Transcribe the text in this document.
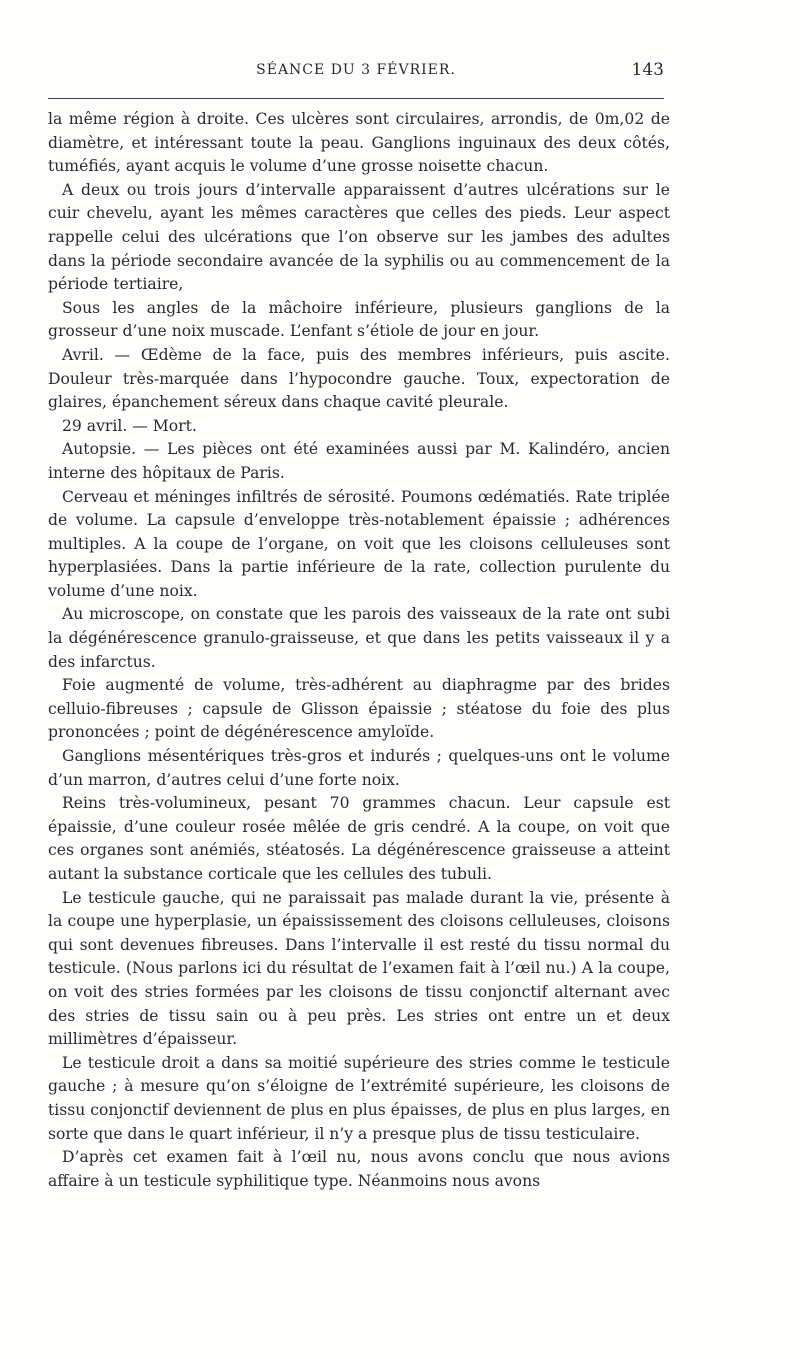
SÉANCE DU 3 FÉVRIER.	143

la même région à droite. Ces ulcères sont circulaires, arrondis, de 0m,02 de diamètre, et intéressant toute la peau. Ganglions inguinaux des deux côtés, tuméfiés, ayant acquis le volume d’une grosse noisette chacun.

A deux ou trois jours d’intervalle apparaissent d’autres ulcérations sur le cuir chevelu, ayant les mêmes caractères que celles des pieds. Leur aspect rappelle celui des ulcérations que l’on observe sur les jambes des adultes dans la période secondaire avancée de la syphilis ou au commencement de la période tertiaire,

Sous les angles de la mâchoire inférieure, plusieurs ganglions de la grosseur d’une noix muscade. L’enfant s’étiole de jour en jour.

Avril. — Œdème de la face, puis des membres inférieurs, puis ascite. Douleur très-marquée dans l’hypocondre gauche. Toux, expectoration de glaires, épanchement séreux dans chaque cavité pleurale.

29 avril. — Mort.

Autopsie. — Les pièces ont été examinées aussi par M. Kalindéro, ancien interne des hôpitaux de Paris.

Cerveau et méninges infiltrés de sérosité. Poumons œdématiés. Rate triplée de volume. La capsule d’enveloppe très-notablement épaissie ; adhérences multiples. A la coupe de l’organe, on voit que les cloisons celluleuses sont hyperplasiées. Dans la partie inférieure de la rate, collection purulente du volume d’une noix.

Au microscope, on constate que les parois des vaisseaux de la rate ont subi la dégénérescence granulo-graisseuse, et que dans les petits vaisseaux il y a des infarctus.

Foie augmenté de volume, très-adhérent au diaphragme par des brides celluio-fibreuses ; capsule de Glisson épaissie ; stéatose du foie des plus prononcées ; point de dégénérescence amyloïde.

Ganglions mésentériques très-gros et indurés ; quelques-uns ont le volume d’un marron, d’autres celui d’une forte noix.

Reins très-volumineux, pesant 70 grammes chacun. Leur capsule est épaissie, d’une couleur rosée mêlée de gris cendré. A la coupe, on voit que ces organes sont anémiés, stéatosés. La dégénérescence graisseuse a atteint autant la substance corticale que les cellules des tubuli.

Le testicule gauche, qui ne paraissait pas malade durant la vie, présente à la coupe une hyperplasie, un épaississement des cloisons celluleuses, cloisons qui sont devenues fibreuses. Dans l’intervalle il est resté du tissu normal du testicule. (Nous parlons ici du résultat de l’examen fait à l’œil nu.) A la coupe, on voit des stries formées par les cloisons de tissu conjonctif alternant avec des stries de tissu sain ou à peu près. Les stries ont entre un et deux millimètres d’épaisseur.

Le testicule droit a dans sa moitié supérieure des stries comme le testicule gauche ; à mesure qu’on s’éloigne de l’extrémité supérieure, les cloisons de tissu conjonctif deviennent de plus en plus épaisses, de plus en plus larges, en sorte que dans le quart inférieur, il n’y a presque plus de tissu testiculaire.

D’après cet examen fait à l’œil nu, nous avons conclu que nous avions affaire à un testicule syphilitique type. Néanmoins nous avons
